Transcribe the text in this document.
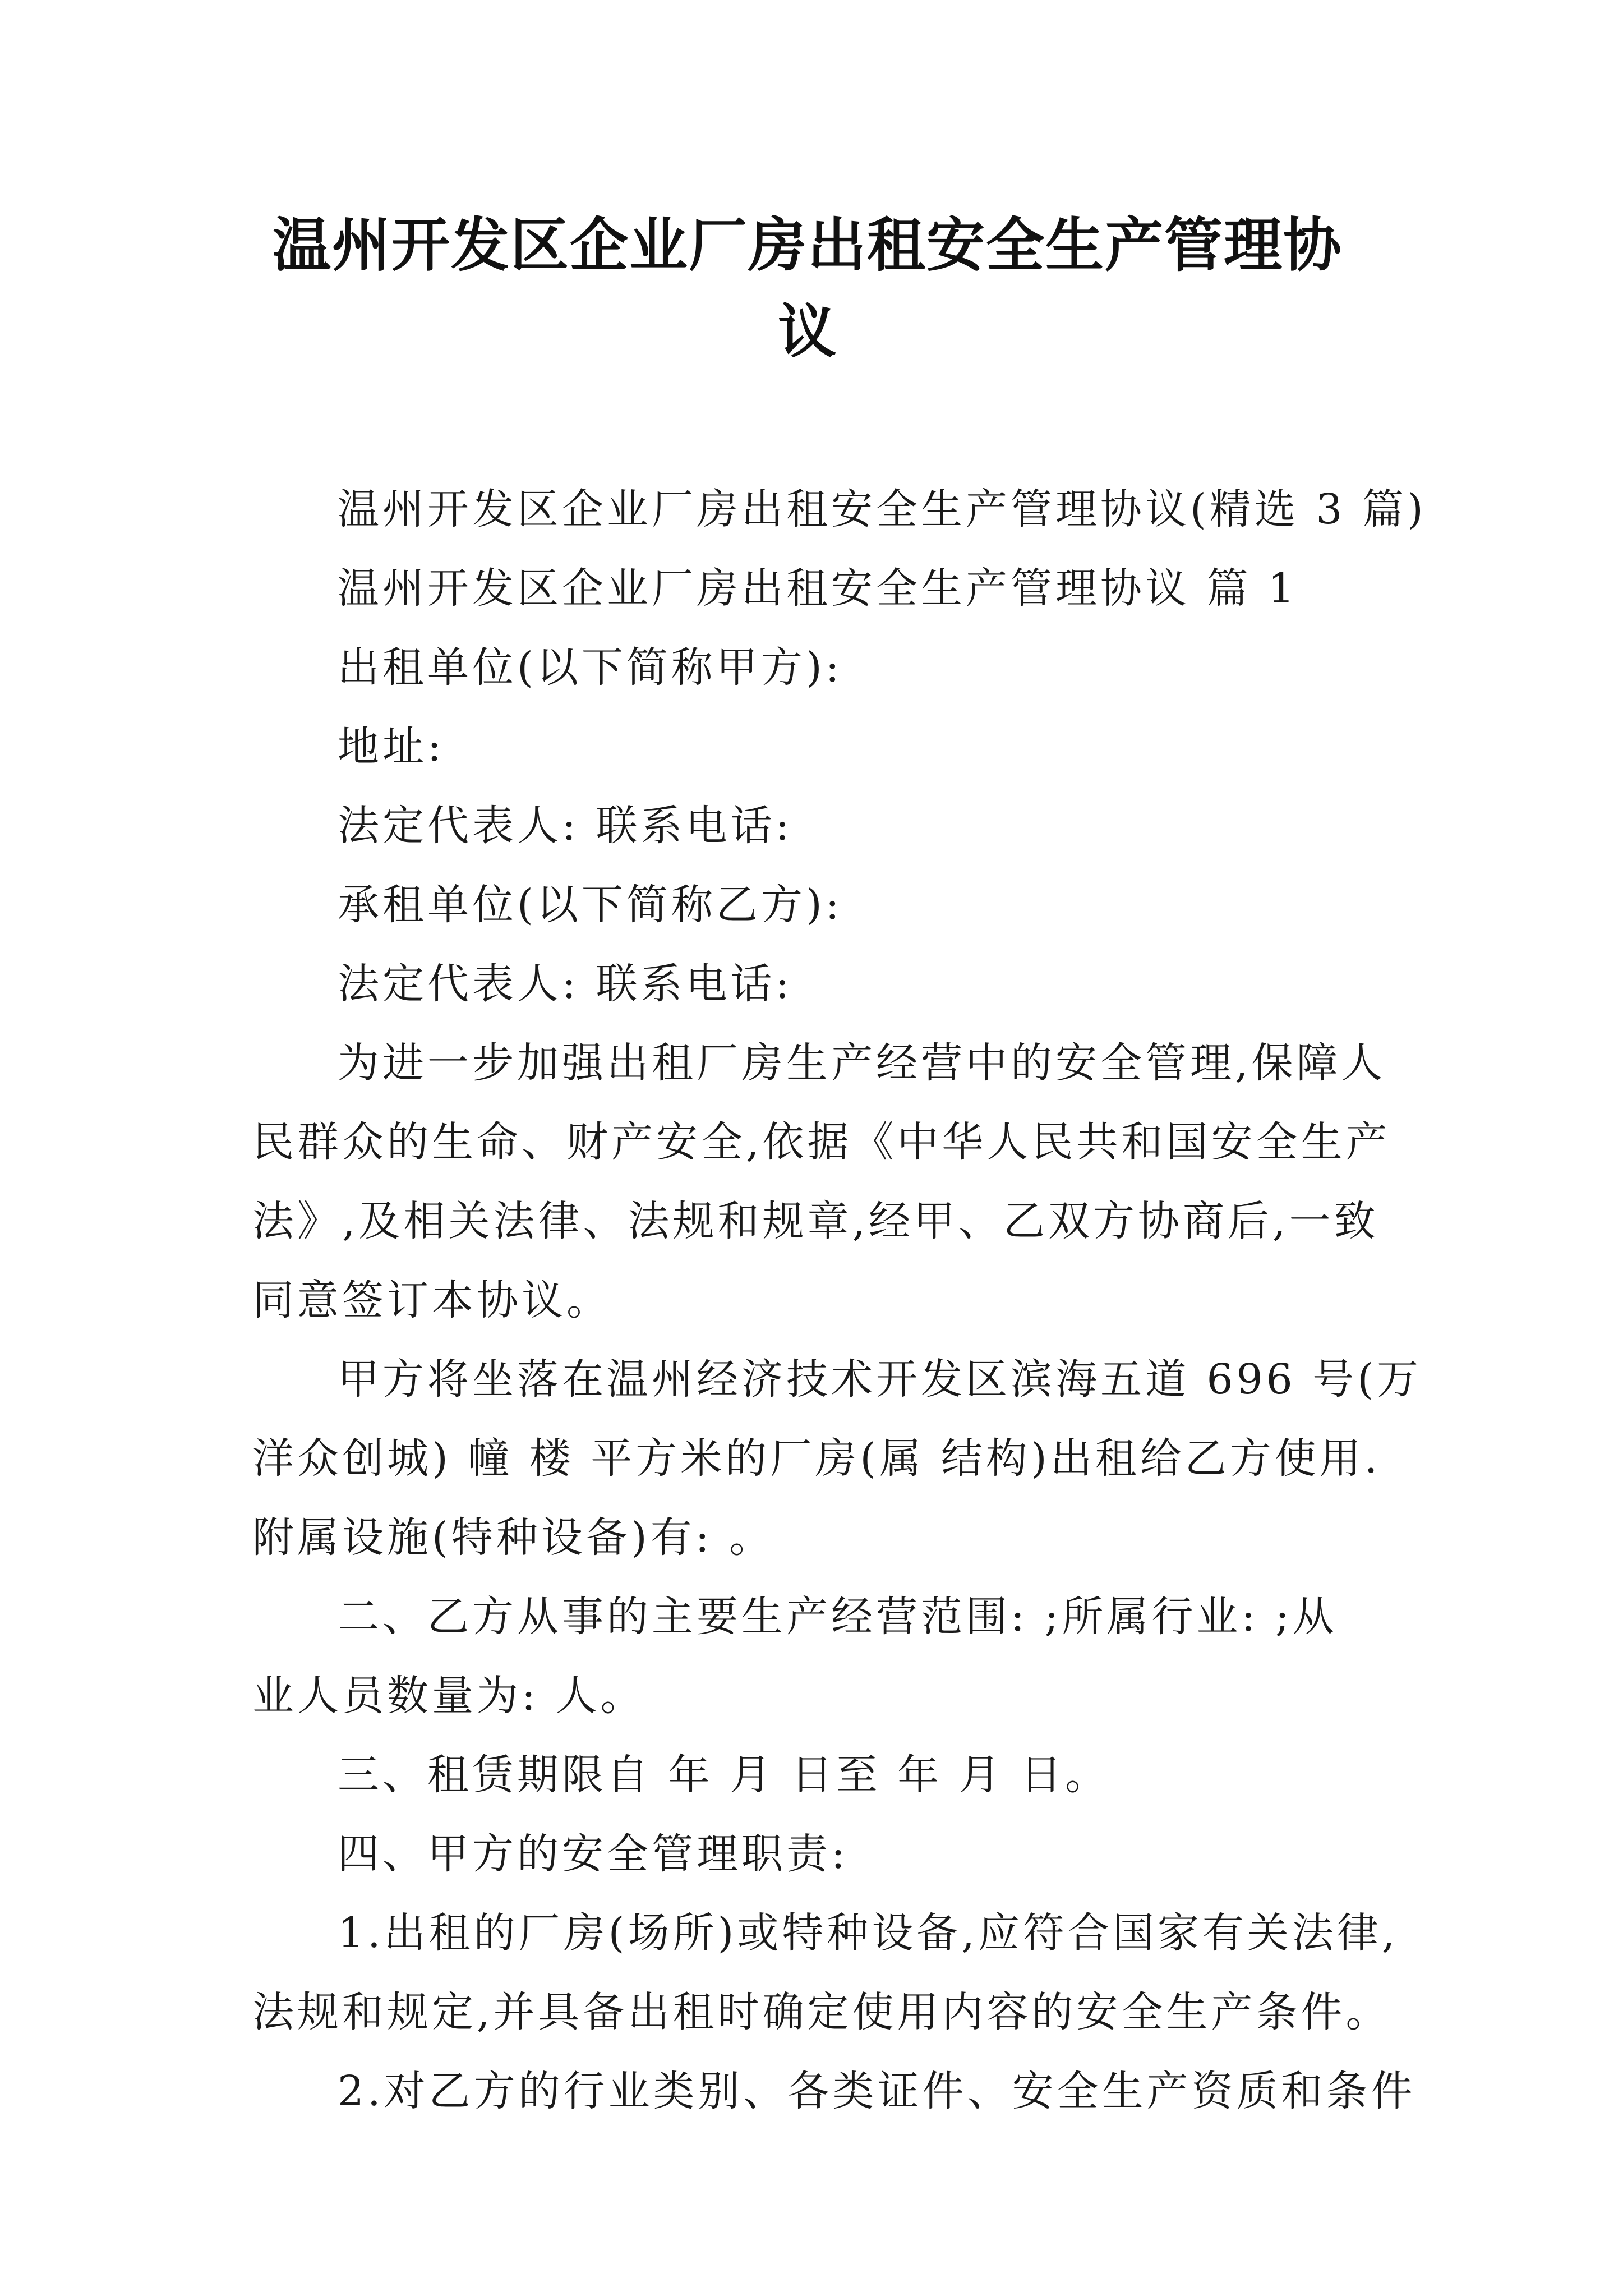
温州开发区企业厂房出租安全生产管理协
议

温州开发区企业厂房出租安全生产管理协议(精选 3 篇)

温州开发区企业厂房出租安全生产管理协议 篇 1

出租单位(以下简称甲方):

地址:

法定代表人: 联系电话:

承租单位(以下简称乙方):

法定代表人: 联系电话:

为进一步加强出租厂房生产经营中的安全管理,保障人

民群众的生命、财产安全,依据《中华人民共和国安全生产

法》,及相关法律、法规和规章,经甲、乙双方协商后,一致

同意签订本协议。

甲方将坐落在温州经济技术开发区滨海五道 696 号(万

洋众创城) 幢 楼 平方米的厂房(属 结构)出租给乙方使用.

附属设施(特种设备)有: 。

二、乙方从事的主要生产经营范围: ;所属行业: ;从

业人员数量为: 人。

三、租赁期限自 年 月 日至 年 月 日。

四、甲方的安全管理职责:

1.出租的厂房(场所)或特种设备,应符合国家有关法律,

法规和规定,并具备出租时确定使用内容的安全生产条件。

2.对乙方的行业类别、各类证件、安全生产资质和条件
